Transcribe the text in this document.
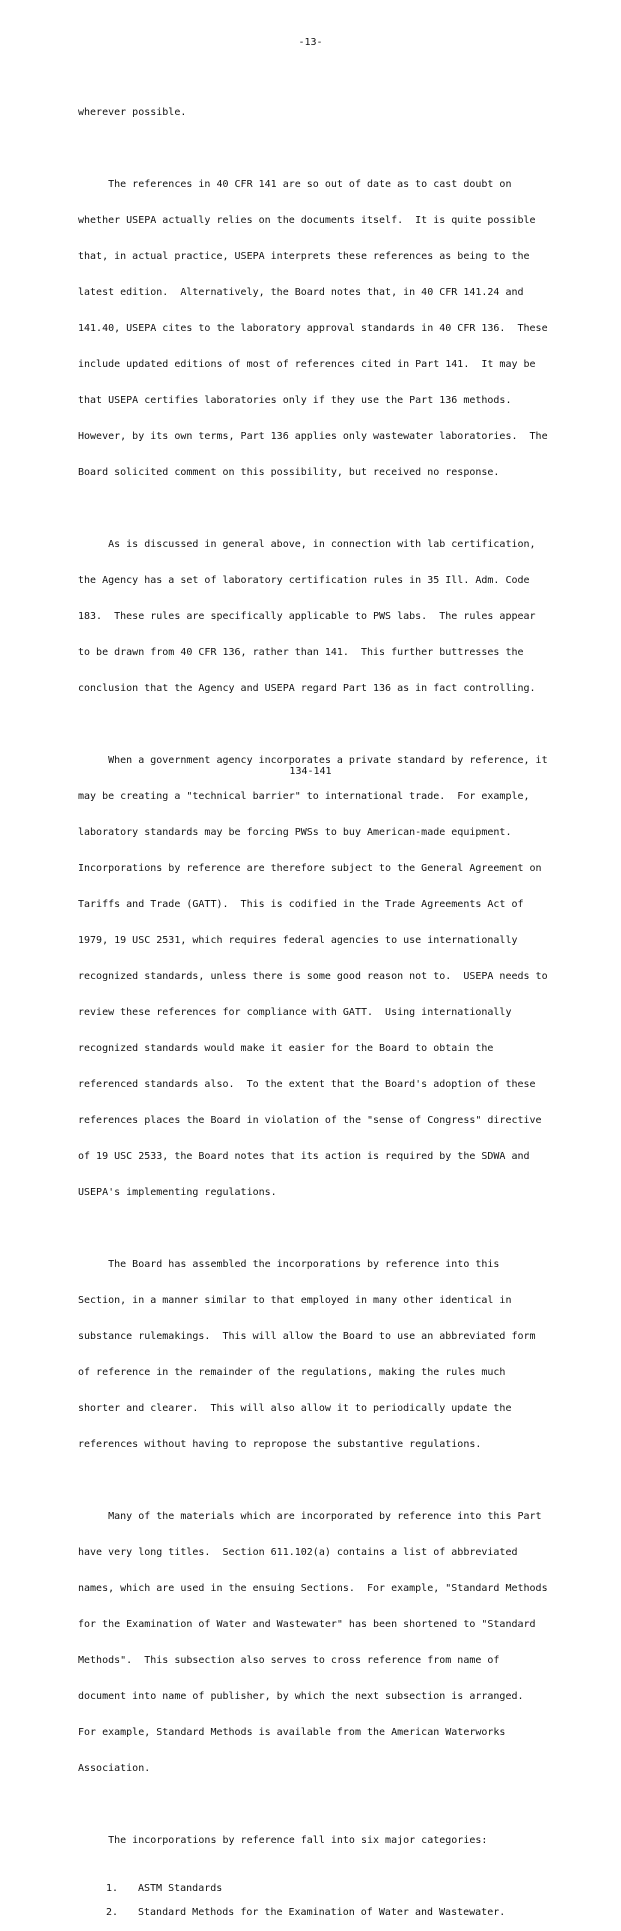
-13-

wherever possible.

The references in 40 CFR 141 are so out of date as to cast doubt on

whether USEPA actually relies on the documents itself.  It is quite possible

that, in actual practice, USEPA interprets these references as being to the

latest edition.  Alternatively, the Board notes that, in 40 CFR 141.24 and

141.40, USEPA cites to the laboratory approval standards in 40 CFR 136.  These

include updated editions of most of references cited in Part 141.  It may be

that USEPA certifies laboratories only if they use the Part 136 methods.

However, by its own terms, Part 136 applies only wastewater laboratories.  The

Board solicited comment on this possibility, but received no response.

As is discussed in general above, in connection with lab certification,

the Agency has a set of laboratory certification rules in 35 Ill. Adm. Code

183.  These rules are specifically applicable to PWS labs.  The rules appear

to be drawn from 40 CFR 136, rather than 141.  This further buttresses the

conclusion that the Agency and USEPA regard Part 136 as in fact controlling.

When a government agency incorporates a private standard by reference, it

may be creating a "technical barrier" to international trade.  For example,

laboratory standards may be forcing PWSs to buy American-made equipment.

Incorporations by reference are therefore subject to the General Agreement on

Tariffs and Trade (GATT).  This is codified in the Trade Agreements Act of

1979, 19 USC 2531, which requires federal agencies to use internationally

recognized standards, unless there is some good reason not to.  USEPA needs to

review these references for compliance with GATT.  Using internationally

recognized standards would make it easier for the Board to obtain the

referenced standards also.  To the extent that the Board's adoption of these

references places the Board in violation of the "sense of Congress" directive

of 19 USC 2533, the Board notes that its action is required by the SDWA and

USEPA's implementing regulations.

The Board has assembled the incorporations by reference into this

Section, in a manner similar to that employed in many other identical in

substance rulemakings.  This will allow the Board to use an abbreviated form

of reference in the remainder of the regulations, making the rules much

shorter and clearer.  This will also allow it to periodically update the

references without having to repropose the substantive regulations.

Many of the materials which are incorporated by reference into this Part

have very long titles.  Section 611.102(a) contains a list of abbreviated

names, which are used in the ensuing Sections.  For example, "Standard Methods

for the Examination of Water and Wastewater" has been shortened to "Standard

Methods".  This subsection also serves to cross reference from name of

document into name of publisher, by which the next subsection is arranged.

For example, Standard Methods is available from the American Waterworks

Association.

The incorporations by reference fall into six major categories:

1.	ASTM Standards
2.	Standard Methods for the Examination of Water and Wastewater.
134-141
